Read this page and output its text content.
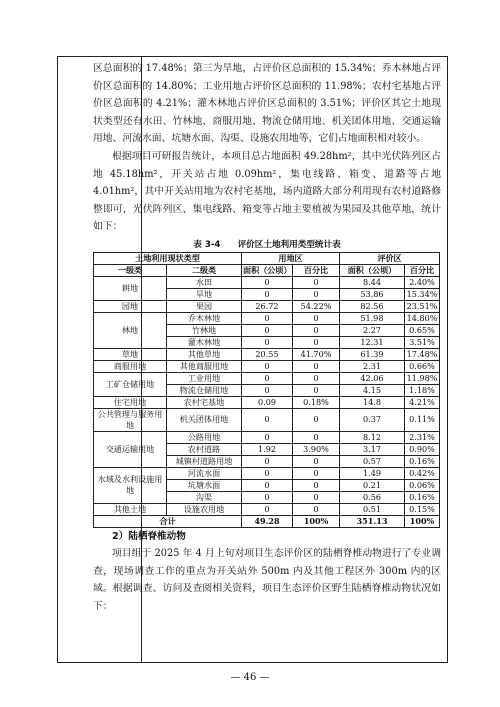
区总面积的 17.48%；第三为旱地，占评价区总面积的 15.34%；乔木林地占评价区总面积的 14.80%；工业用地占评价区总面积的 11.98%；农村宅基地占评价区总面积的 4.21%；灌木林地占评价区总面积的 3.51%；评价区其它土地现状类型还有水田、竹林地、商服用地、物流仓储用地、机关团体用地、交通运输用地、河流水面、坑塘水面、沟渠、设施农用地等，它们占地面积相对较小。

根据项目可研报告统计，本项目总占地面积 49.28hm²，其中光伏阵列区占地 45.18hm²，开关站占地 0.09hm²，集电线路、箱变、道路等占地 4.01hm²，其中开关站用地为农村宅基地，场内道路大部分利用现有农村道路修整即可，光伏阵列区、集电线路、箱变等占地主要植被为果园及其他草地，统计如下：

表 3-4　　评价区土地利用类型统计表
土地利用现状类型		用地区		评价区	
一级类	二级类	面积（公顷）	百分比	面积（公顷）	百分比
耕地	水田	0	0	8.44	2.40%
	旱地	0	0	53.86	15.34%
园地	果园	26.72	54.22%	82.56	23.51%
林地	乔木林地	0	0	51.98	14.80%
	竹林地	0	0	2.27	0.65%
	灌木林地	0	0	12.31	3.51%
草地	其他草地	20.55	41.70%	61.39	17.48%
商服用地	其他商服用地	0	0	2.31	0.66%
工矿仓储用地	工业用地	0	0	42.06	11.98%
	物流仓储用地	0	0	4.15	1.18%
住宅用地	农村宅基地	0.09	0.18%	14.8	4.21%
公共管理与服务用地	机关团体用地	0	0	0.37	0.11%
交通运输用地	公路用地	0	0	8.12	2.31%
	农村道路	1.92	3.90%	3.17	0.90%
	城镇村道路用地	0	0	0.57	0.16%
水域及水利设施用地	河流水面	0	0	1.49	0.42%
	坑塘水面	0	0	0.21	0.06%
	沟渠	0	0	0.56	0.16%
其他土地	设施农用地	0	0	0.51	0.15%
合计		49.28	100%	351.13	100%
2）陆栖脊椎动物

项目组于 2025 年 4 月上旬对项目生态评价区的陆栖脊椎动物进行了专业调查，现场调查工作的重点为开关站外 500m 内及其他工程区外 300m 内的区域。根据调查、访问及查阅相关资料，项目生态评价区野生陆栖脊椎动物状况如下：

— 46 —
